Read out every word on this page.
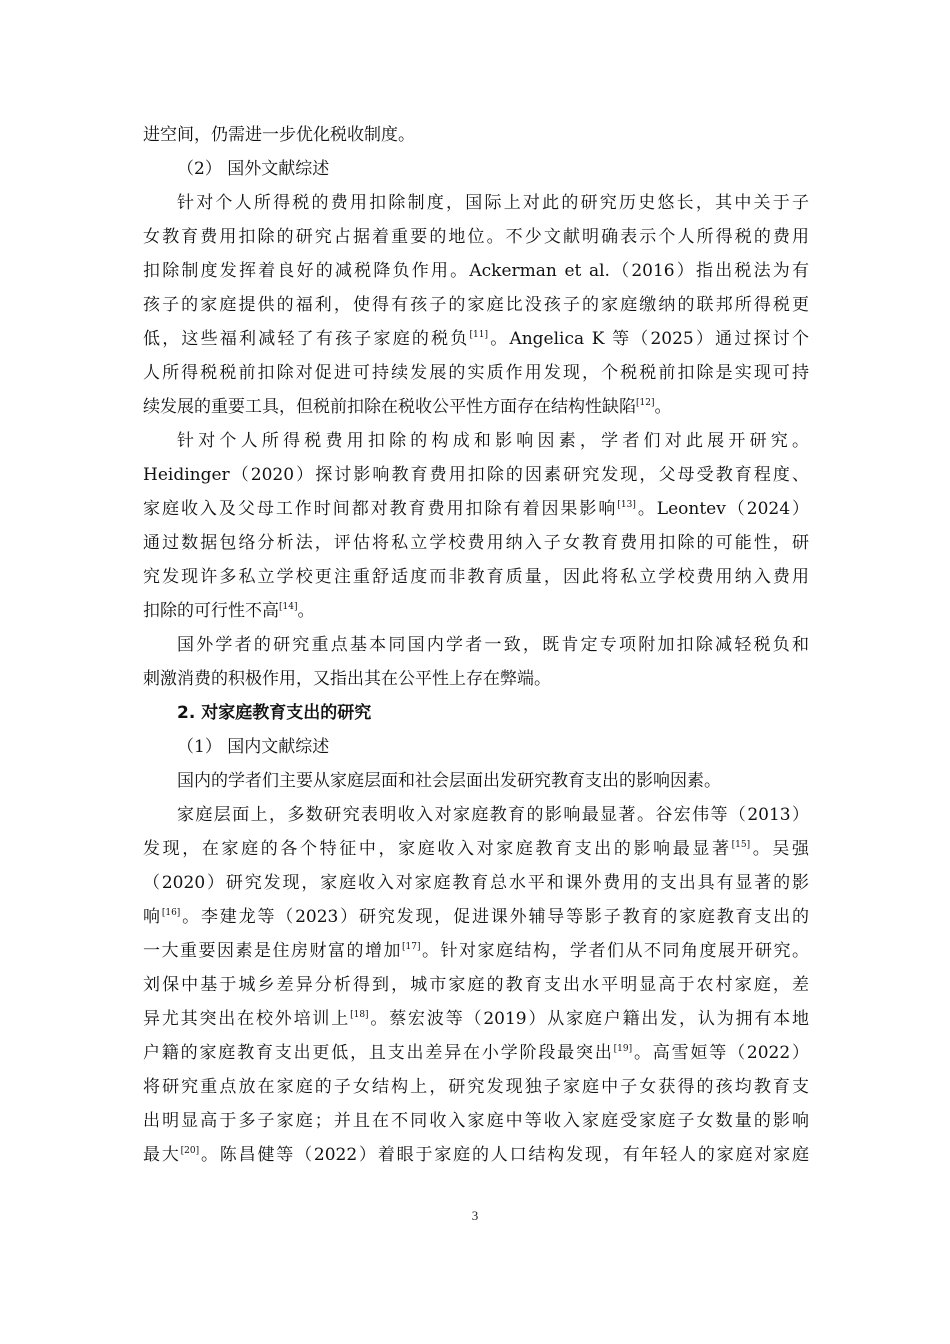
进空间，仍需进一步优化税收制度。
（2） 国外文献综述
针对个人所得税的费用扣除制度，国际上对此的研究历史悠长，其中关于子
女教育费用扣除的研究占据着重要的地位。不少文献明确表示个人所得税的费用
扣除制度发挥着良好的减税降负作用。Ackerman et al.（2016）指出税法为有
孩子的家庭提供的福利，使得有孩子的家庭比没孩子的家庭缴纳的联邦所得税更
低，这些福利减轻了有孩子家庭的税负[11]。Angelica K 等（2025）通过探讨个
人所得税税前扣除对促进可持续发展的实质作用发现，个税税前扣除是实现可持
续发展的重要工具，但税前扣除在税收公平性方面存在结构性缺陷[12]。
针对个人所得税费用扣除的构成和影响因素，学者们对此展开研究。
Heidinger（2020）探讨影响教育费用扣除的因素研究发现，父母受教育程度、
家庭收入及父母工作时间都对教育费用扣除有着因果影响[13]。Leontev（2024）
通过数据包络分析法，评估将私立学校费用纳入子女教育费用扣除的可能性，研
究发现许多私立学校更注重舒适度而非教育质量，因此将私立学校费用纳入费用
扣除的可行性不高[14]。
国外学者的研究重点基本同国内学者一致，既肯定专项附加扣除减轻税负和
刺激消费的积极作用，又指出其在公平性上存在弊端。
2. 对家庭教育支出的研究
（1） 国内文献综述
国内的学者们主要从家庭层面和社会层面出发研究教育支出的影响因素。
家庭层面上，多数研究表明收入对家庭教育的影响最显著。谷宏伟等（2013）
发现，在家庭的各个特征中，家庭收入对家庭教育支出的影响最显著[15]。吴强
（2020）研究发现，家庭收入对家庭教育总水平和课外费用的支出具有显著的影
响[16]。李建龙等（2023）研究发现，促进课外辅导等影子教育的家庭教育支出的
一大重要因素是住房财富的增加[17]。针对家庭结构，学者们从不同角度展开研究。
刘保中基于城乡差异分析得到，城市家庭的教育支出水平明显高于农村家庭，差
异尤其突出在校外培训上[18]。蔡宏波等（2019）从家庭户籍出发，认为拥有本地
户籍的家庭教育支出更低，且支出差异在小学阶段最突出[19]。高雪姮等（2022）
将研究重点放在家庭的子女结构上，研究发现独子家庭中子女获得的孩均教育支
出明显高于多子家庭；并且在不同收入家庭中等收入家庭受家庭子女数量的影响
最大[20]。陈昌健等（2022）着眼于家庭的人口结构发现，有年轻人的家庭对家庭
3
